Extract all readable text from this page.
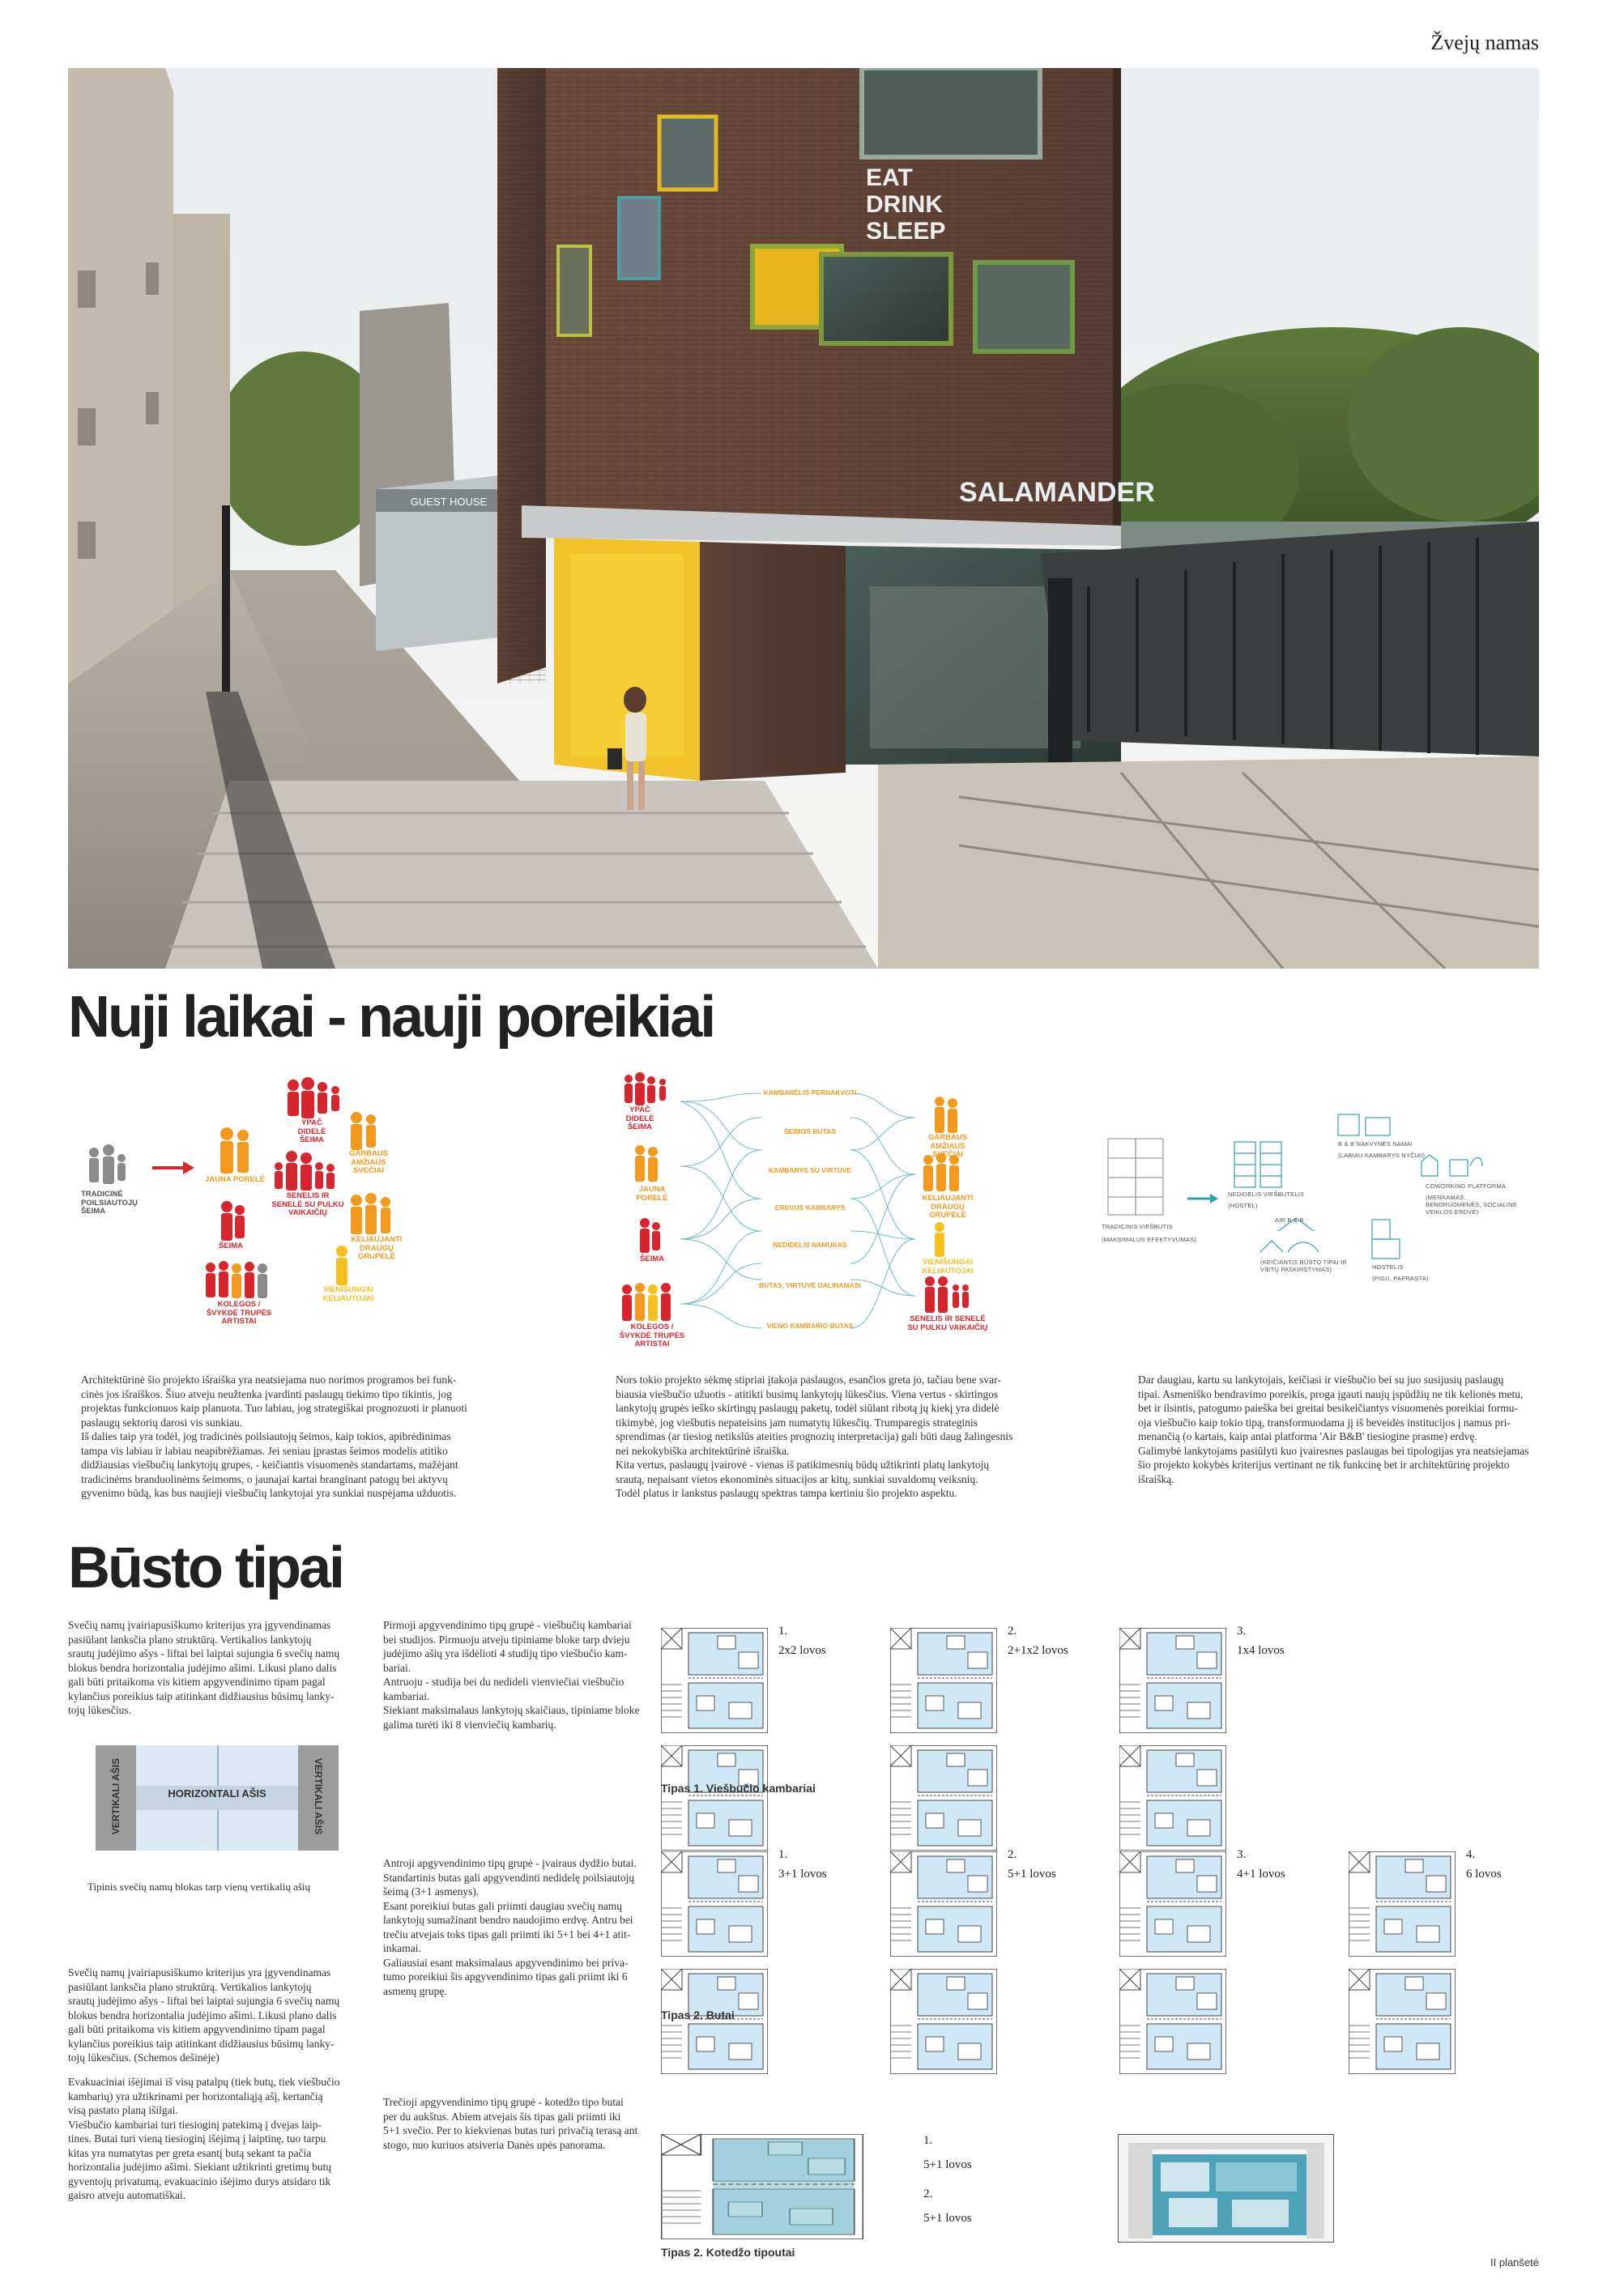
Žvejų namas
GUEST HOUSE
EAT
DRINK
SLEEP
SALAMANDER
Nuji laikai - nauji poreikiai
TRADICINĖ POILSIAUTOJŲ ŠEIMA
YPAČ DIDELĖ ŠEIMA
JAUNA PORELĖ
GARBAUS AMŽIAUS SVEČIAI
SENELIS IR SENELĖ SU PULKU VAIKAIČIŲ
ŠEIMA
KELIAUJANTI DRAUGŲ GRUPELĖ
VIENIŠUNGAI KELIAUTOJAI
KOLEGOS /ŠVYKDĖ TRUPĖS ARTISTAI
YPAČ DIDELĖ ŠEIMA
JAUNA PORELĖ
ŠEIMA
KOLEGOS /ŠVYKDĖ TRUPĖS ARTISTAI
KAMBARĖLIS PERNAKVOTI
ŠEIMOS BUTAS
KAMBARYS SU VIRTUVE
ERDVUS KAMBARYS
NEDIDELIS NAMUKAS
BUTAS, VIRTUVĖ DALINAMASI
VIENO KAMBARIO BUTAS
GARBAUS AMŽIAUS SVEČIAI
KELIAUJANTI DRAUGŲ GRUPELĖ
VIENIŠUNGAI KELIAUTOJAI
SENELIS IR SENELĖ SU PULKU VAIKAIČIŲ
TRADICINIS VIEŠBUTIS
(MAKSIMALUS EFEKTYVUMAS)
NEDIDELIS VIEŠBUTĖLIS
(HOSTEL)
B & B NAKVYNĖS NAMAI
(LABIAU KAMBARYS NYČIAI)
COWORKING PLATFORMA
(MENKAMAS, BENDRUOMENĖS, SOCIALINĖ VEIKLOS ERDVĖ)
AIR B & B
(KEIČIANTIS BŪSTO TIPAI IR VIETŲ PASKIRSTYMAS)	HOSTELIS
(PIGU, PAPRASTA)

Architektūrinė šio projekto išraiška yra neatsiejama nuo norimos programos bei funk-

cinės jos išraiškos. Šiuo atveju neužtenka įvardinti paslaugų tiekimo tipo tikintis, jog

projektas funkcionuos kaip planuota. Tuo labiau, jog strategiškai prognozuoti ir planuoti

paslaugų sektorių darosi vis sunkiau.

Iš dalies taip yra todėl, jog tradicinės poilsiautojų šeimos, kaip tokios, apibrėdinimas

tampa vis labiau ir labiau neapibrėžiamas. Jei seniau įprastas šeimos modelis atitiko

didžiausias viešbučių lankytojų grupes, - keičiantis visuomenės standartams, mažėjant

tradicinėms branduolinėms šeimoms, o jaunajai kartai branginant patogų bei aktyvų

gyvenimo būdą, kas bus naujieji viešbučių lankytojai yra sunkiai nuspėjama užduotis.

Nors tokio projekto sėkmę stipriai įtakoja paslaugos, esančios greta jo, tačiau bene svar-

biausia viešbučio užuotis - atitikti busimų lankytojų lūkesčius. Viena vertus - skirtingos

lankytojų grupės ieško skirtingų paslaugų paketų, todėl siūlant ribotą jų kiekį yra didelė

tikimybė, jog viešbutis nepateisins jam numatytų lūkesčių. Trumparegis strateginis

sprendimas (ar tiesiog netikslūs ateities prognozių interpretacija) gali būti daug žalingesnis

nei nekokybiška architektūrinė išraiška.

Kita vertus, paslaugų įvairovė - vienas iš patikimesnių būdų užtikrinti platų lankytojų

srautą, nepaisant vietos ekonominės situacijos ar kitų, sunkiai suvaldomų veiksnių.

Todėl platus ir lankstus paslaugų spektras tampa kertiniu šio projekto aspektu.

Dar daugiau, kartu su lankytojais, keičiasi ir viešbučio bei su juo susijusių paslaugų

tipai. Asmeniško bendravimo poreikis, proga įgauti naujų įspūdžių ne tik kelionės metu,

bet ir ilsintis, patogumo paieška bei greitai besikeičiantys visuomenės poreikiai formu-

oja viešbučio kaip tokio tipą, transformuodama jį iš beveidės institucijos į namus pri-

menančią (o kartais, kaip antai platforma 'Air B&B' tiesiogine prasme) erdvę.

Galimybė lankytojams pasiūlyti kuo įvairesnes paslaugas bei tipologijas yra neatsiejamas

šio projekto kokybės kriterijus vertinant ne tik funkcinę bet ir architektūrinę projekto

išraišką.

Būsto tipai

Svečių namų įvairiapusiškumo kriterijus yra įgyvendinamas

pasiūlant lanksčia plano struktūrą. Vertikalios lankytojų

srautų judėjimo ašys - liftai bei laiptai sujungia 6 svečių namų

blokus bendra horizontalia judėjimo ašimi. Likusi plano dalis

gali būti pritaikoma vis kitiem apgyvendinimo tipam pagal

kylančius poreikius taip atitinkant didžiausius būsimų lanky-

tojų lūkesčius.

HORIZONTALI AŠIS
VERTIKALI AŠIS	VERTIKALI AŠIS
Tipinis svečių namų blokas tarp vienų vertikalių ašių

Svečių namų įvairiapusiškumo kriterijus yra įgyvendinamas

pasiūlant lanksčia plano struktūrą. Vertikalios lankytojų

srautų judėjimo ašys - liftai bei laiptai sujungia 6 svečių namų

blokus bendra horizontalia judėjimo ašimi. Likusi plano dalis

gali būti pritaikoma vis kitiem apgyvendinimo tipam pagal

kylančius poreikius taip atitinkant didžiausius būsimų lanky-

tojų lūkesčius. (Schemos dešinėje)

Evakuaciniai išėjimai iš visų patalpų (tiek butų, tiek viešbučio

kambarių) yra užtikrinami per horizontaliąją ašį, kertančią

visą pastato planą išilgai.

Viešbučio kambariai turi tiesioginį patekimą į dvejas laip-

tines. Butai turi vieną tiesioginį išėjimą į laiptinę, tuo tarpu

kitas yra numatytas per greta esantį butą sekant ta pačia

horizontalia judėjimo ašimi. Siekiant užtikrinti gretimų butų

gyventojų privatumą, evakuacinio išėjimo durys atsidaro tik

gaisro atveju automatiškai.

Pirmoji apgyvendinimo tipų grupė - viešbučių kambariai

bei studijos. Pirmuoju atveju tipiniame bloke tarp dvieju

judėjimo ašių yra išdėlioti 4 studijų tipo viešbučio kam-

bariai.

Antruoju - studija bei du nedideli vienviečiai viešbučio

kambariai.

Siekiant maksimalaus lankytojų skaičiaus, tipiniame bloke

galima turėti iki 8 vienviečių kambarių.

Antroji apgyvendinimo tipų grupė - įvairaus dydžio butai.

Standartinis butas gali apgyvendinti nedidelę poilsiautojų

šeimą (3+1 asmenys).

Esant poreikiui butas gali priimti daugiau svečių namų

lankytojų sumažinant bendro naudojimo erdvę. Antru bei

trečiu atvejais toks tipas gali priimti iki 5+1 bei 4+1 atit-

inkamai.

Galiausiai esant maksimalaus apgyvendinimo bei priva-

tumo poreikiui šis apgyvendinimo tipas gali priimt iki 6

asmenų grupę.

Trečioji apgyvendinimo tipų grupė - kotedžo tipo butai

per du aukštus. Abiem atvejais šis tipas gali priimti iki

5+1 svečio. Per to kiekvienas butas turi privačią terasą ant

stogo, nuo kuriuos atsiveria Danės upės panorama.

1.
2x2 lovos
2.
2+1x2 lovos
3.
1x4 lovos
1.
3+1 lovos
2.
5+1 lovos
3.
4+1 lovos
4.
6 lovos
1.
5+1 lovos
2.
5+1 lovos
Tipas 1. Viešbučio kambariai
Tipas 2. Butai
Tipas 2. Kotedžo tipoutai
II planšetė
